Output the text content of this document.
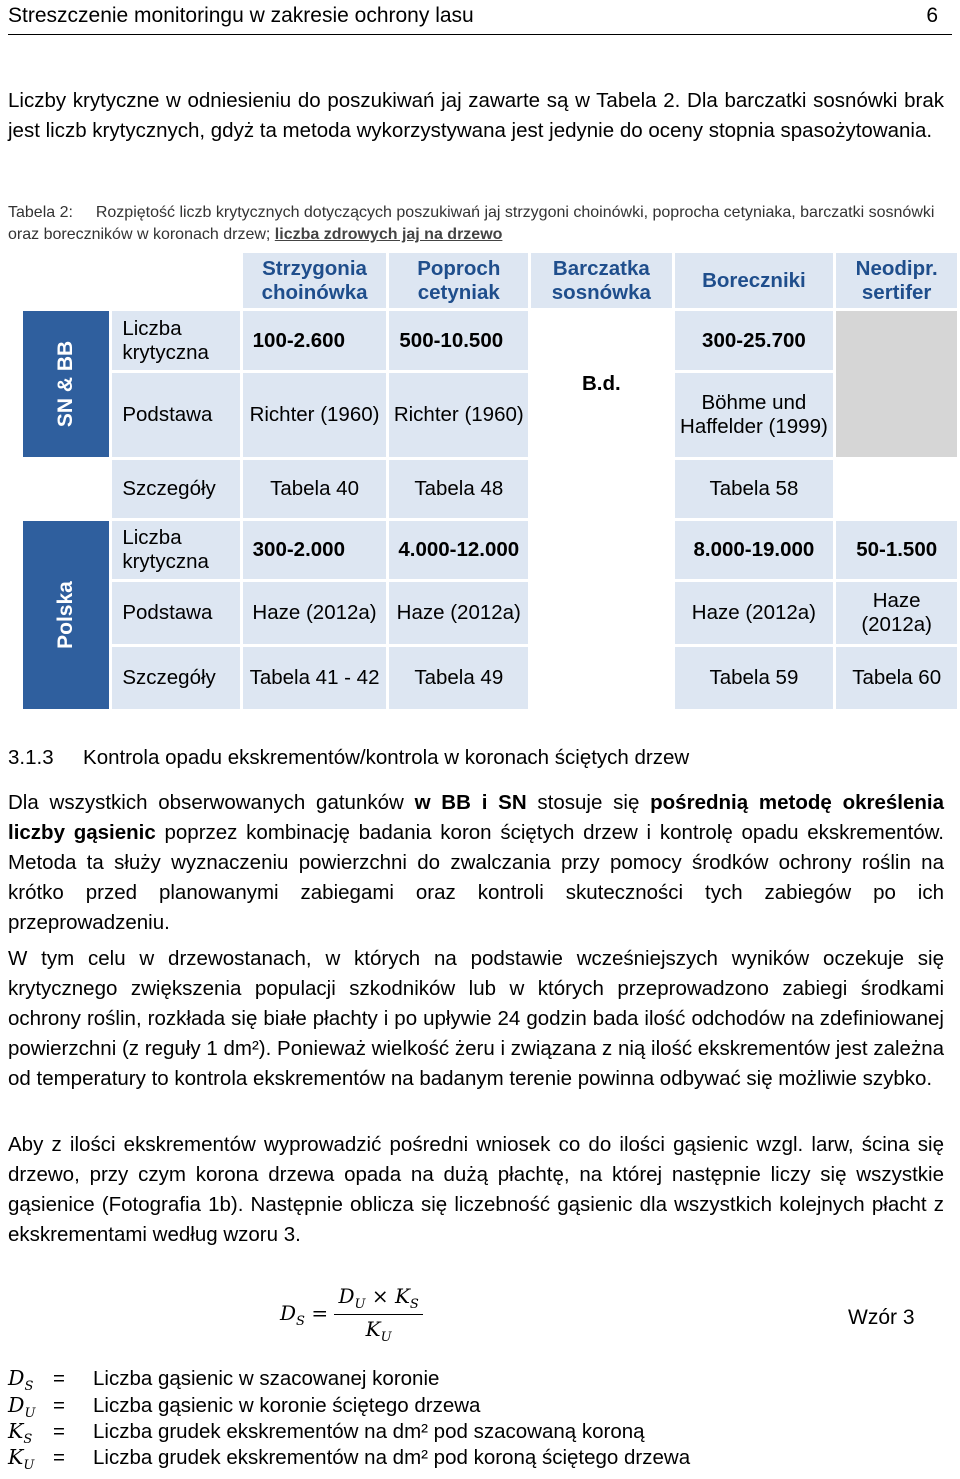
Streszczenie monitoringu w zakresie ochrony lasu	6
Liczby krytyczne w odniesieniu do poszukiwań jaj zawarte są w Tabela 2. Dla barczatki sosnówki brak jest liczb krytycznych, gdyż ta metoda wykorzystywana jest jedynie do oceny stopnia spasożytowania.
Tabela 2: Rozpiętość liczb krytycznych dotyczących poszukiwań jaj strzygoni choinówki, poprocha cetyniaka, barczatki sosnówki oraz boreczników w koronach drzew; liczba zdrowych jaj na drzewo
		Strzygonia choinówka	Poproch cetyniak	Barczatka sosnówka	Boreczniki	Neodipr. sertifer
SN & BB	Liczba krytyczna	100-2.600	500-10.500	B.d.	300-25.700	
	Podstawa	Richter (1960)	Richter (1960)		Böhme und Haffelder (1999)	
	Szczegóły	Tabela 40	Tabela 48		Tabela 58	
Polska	Liczba krytyczna	300-2.000	4.000-12.000		8.000-19.000	50-1.500
	Podstawa	Haze (2012a)	Haze (2012a)		Haze (2012a)	Haze (2012a)
	Szczegóły	Tabela 41 - 42	Tabela 49		Tabela 59	Tabela 60
3.1.3 Kontrola opadu ekskrementów/kontrola w koronach ściętych drzew
Dla wszystkich obserwowanych gatunków w BB i SN stosuje się pośrednią metodę określenia liczby gąsienic poprzez kombinację badania koron ściętych drzew i kontrolę opadu ekskrementów. Metoda ta służy wyznaczeniu powierzchni do zwalczania przy pomocy środków ochrony roślin na krótko przed planowanymi zabiegami oraz kontroli skuteczności tych zabiegów po ich przeprowadzeniu.
W tym celu w drzewostanach, w których na podstawie wcześniejszych wyników oczekuje się krytycznego zwiększenia populacji szkodników lub w których przeprowadzono zabiegi środkami ochrony roślin, rozkłada się białe płachty i po upływie 24 godzin bada ilość odchodów na zdefiniowanej powierzchni (z reguły 1 dm²). Ponieważ wielkość żeru i związana z nią ilość ekskrementów jest zależna od temperatury to kontrola ekskrementów na badanym terenie powinna odbywać się możliwie szybko.
Aby z ilości ekskrementów wyprowadzić pośredni wniosek co do ilości gąsienic wzgl. larw, ścina się drzewo, przy czym korona drzewa opada na dużą płachtę, na której następnie liczy się wszystkie gąsienice (Fotografia 1b). Następnie oblicza się liczebność gąsienic dla wszystkich kolejnych płacht z ekskrementami według wzoru 3.
$D_S = \frac{D_U \times K_S}{K_U}$	Wzór 3
$D_S$ = Liczba gąsienic w szacowanej koronie
$D_U$ = Liczba gąsienic w koronie ściętego drzewa
$K_S$ = Liczba grudek ekskrementów na dm² pod szacowaną koroną
$K_U$ = Liczba grudek ekskrementów na dm² pod koroną ściętego drzewa
